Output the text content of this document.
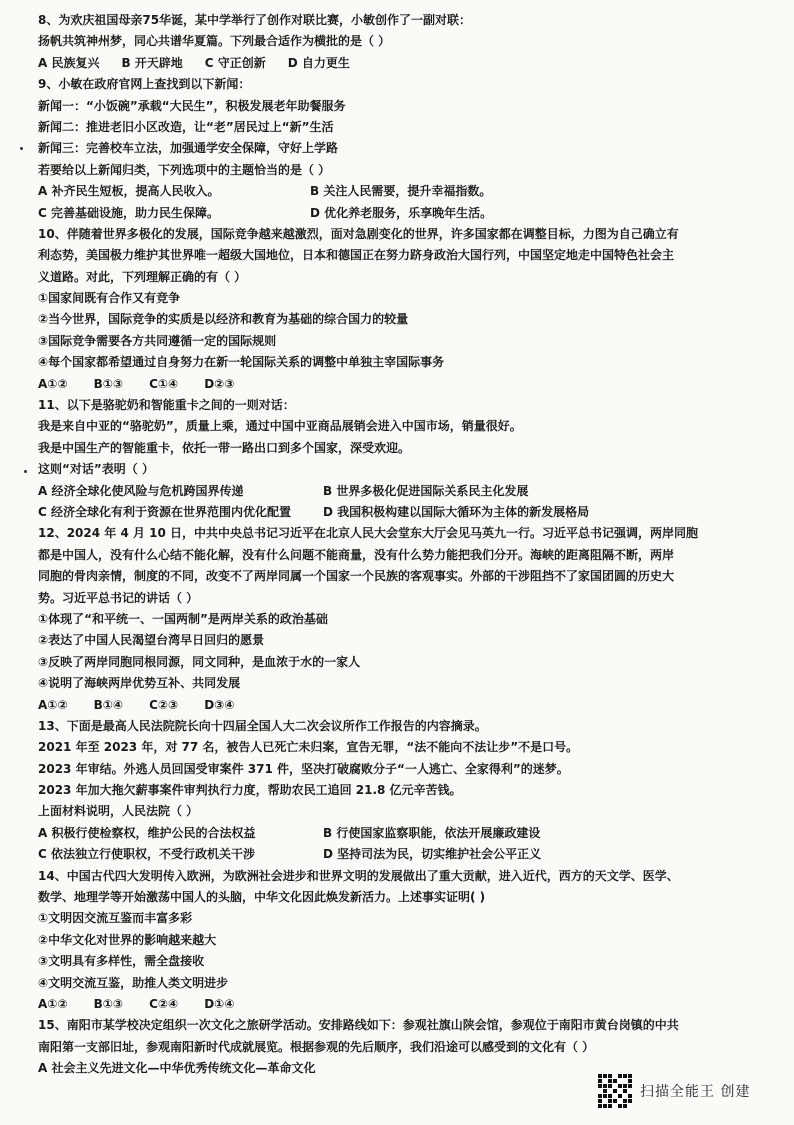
8、为欢庆祖国母亲75华诞，某中学举行了创作对联比赛，小敏创作了一副对联：
扬帆共筑神州梦，同心共谱华夏篇。下列最合适作为横批的是（ ）
A 民族复兴 B 开天辟地 C 守正创新 D 自力更生
9、小敏在政府官网上查找到以下新闻：
新闻一：“小饭碗”承载“大民生”，积极发展老年助餐服务
新闻二：推进老旧小区改造，让“老”居民过上“新”生活
新闻三：完善校车立法，加强通学安全保障，守好上学路
若要给以上新闻归类，下列选项中的主题恰当的是（ ）
A 补齐民生短板，提高人民收入。	B 关注人民需要，提升幸福指数。
C 完善基础设施，助力民生保障。	D 优化养老服务，乐享晚年生活。
10、伴随着世界多极化的发展，国际竞争越来越激烈，面对急剧变化的世界，许多国家都在调整目标，力图为自己确立有
利态势，美国极力维护其世界唯一超级大国地位，日本和德国正在努力跻身政治大国行列，中国坚定地走中国特色社会主
义道路。对此，下列理解正确的有（ ）
①国家间既有合作又有竞争
②当今世界，国际竞争的实质是以经济和教育为基础的综合国力的较量
③国际竞争需要各方共同遵循一定的国际规则
④每个国家都希望通过自身努力在新一轮国际关系的调整中单独主宰国际事务
A①② B①③ C①④ D②③
11、以下是骆驼奶和智能重卡之间的一则对话：
我是来自中亚的“骆驼奶”，质量上乘，通过中国中亚商品展销会进入中国市场，销量很好。
我是中国生产的智能重卡，依托一带一路出口到多个国家，深受欢迎。
这则“对话”表明（ ）
A 经济全球化使风险与危机跨国界传递	B 世界多极化促进国际关系民主化发展
C 经济全球化有利于资源在世界范围内优化配置	D 我国积极构建以国际大循环为主体的新发展格局
12、2024 年 4 月 10 日，中共中央总书记习近平在北京人民大会堂东大厅会见马英九一行。习近平总书记强调，两岸同胞
都是中国人，没有什么心结不能化解，没有什么问题不能商量，没有什么势力能把我们分开。海峡的距离阻隔不断，两岸
同胞的骨肉亲情，制度的不同，改变不了两岸同属一个国家一个民族的客观事实。外部的干涉阻挡不了家国团圆的历史大
势。习近平总书记的讲话（ ）
①体现了“和平统一、一国两制”是两岸关系的政治基础
②表达了中国人民渴望台湾早日回归的愿景
③反映了两岸同胞同根同源，同文同种，是血浓于水的一家人
④说明了海峡两岸优势互补、共同发展
A①② B①④ C②③ D③④
13、下面是最高人民法院院长向十四届全国人大二次会议所作工作报告的内容摘录。
2021 年至 2023 年，对 77 名，被告人已死亡未归案，宣告无罪，“法不能向不法让步”不是口号。
2023 年审结。外逃人员回国受审案件 371 件，坚决打破腐败分子“一人逃亡、全家得利”的迷梦。
2023 年加大拖欠薪事案件审判执行力度，帮助农民工追回 21.8 亿元辛苦钱。
上面材料说明，人民法院（ ）
A 积极行使检察权，维护公民的合法权益	B 行使国家监察职能，依法开展廉政建设
C 依法独立行使职权，不受行政机关干涉	D 坚持司法为民，切实维护社会公平正义
14、中国古代四大发明传入欧洲，为欧洲社会进步和世界文明的发展做出了重大贡献，进入近代，西方的天文学、医学、
数学、地理学等开始激荡中国人的头脑，中华文化因此焕发新活力。上述事实证明( )
①文明因交流互鉴而丰富多彩
②中华文化对世界的影响越来越大
③文明具有多样性，需全盘接收
④文明交流互鉴，助推人类文明进步
A①② B①③ C②④ D①④
15、南阳市某学校决定组织一次文化之旅研学活动。安排路线如下：参观社旗山陕会馆，参观位于南阳市黄台岗镇的中共
南阳第一支部旧址，参观南阳新时代成就展览。根据参观的先后顺序，我们沿途可以感受到的文化有（ ）
A 社会主义先进文化—中华优秀传统文化—革命文化
扫描全能王 创建
